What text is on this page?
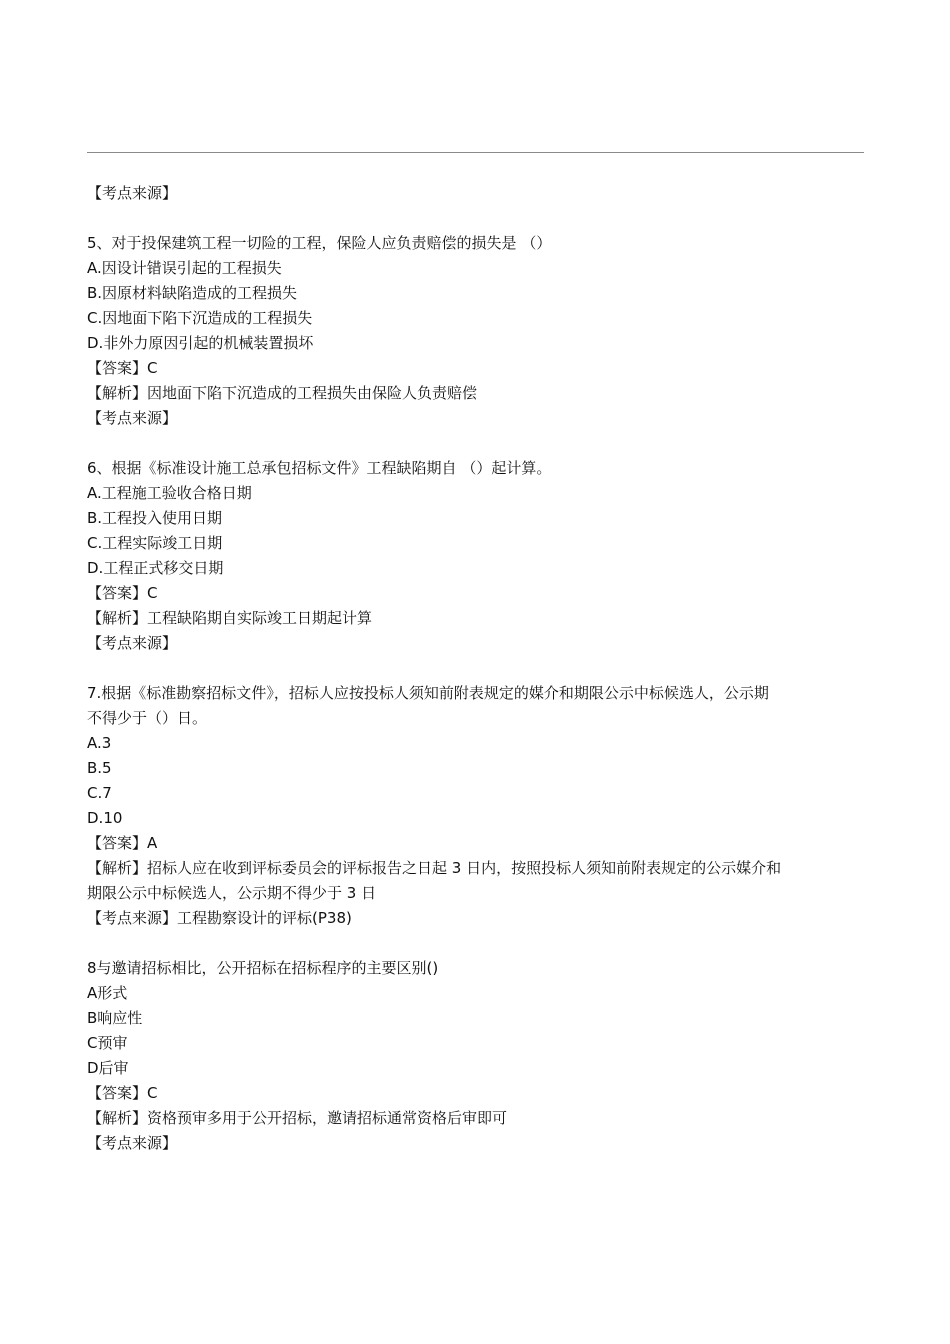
【考点来源】
5、对于投保建筑工程一切险的工程，保险人应负责赔偿的损失是 （）
A.因设计错误引起的工程损失
B.因原材料缺陷造成的工程损失
C.因地面下陷下沉造成的工程损失
D.非外力原因引起的机械装置损坏
【答案】C
【解析】因地面下陷下沉造成的工程损失由保险人负责赔偿
【考点来源】
6、根据《标准设计施工总承包招标文件》工程缺陷期自 （）起计算。
A.工程施工验收合格日期
B.工程投入使用日期
C.工程实际竣工日期
D.工程正式移交日期
【答案】C
【解析】工程缺陷期自实际竣工日期起计算
【考点来源】
7.根据《标准勘察招标文件》，招标人应按投标人须知前附表规定的媒介和期限公示中标候选人，公示期
不得少于（）日。
A.3
B.5
C.7
D.10
【答案】A
【解析】招标人应在收到评标委员会的评标报告之日起 3 日内，按照投标人须知前附表规定的公示媒介和
期限公示中标候选人，公示期不得少于 3 日
【考点来源】工程勘察设计的评标(P38)
8与邀请招标相比，公开招标在招标程序的主要区别()
A形式
B响应性
C预审
D后审
【答案】C
【解析】资格预审多用于公开招标，邀请招标通常资格后审即可
【考点来源】
